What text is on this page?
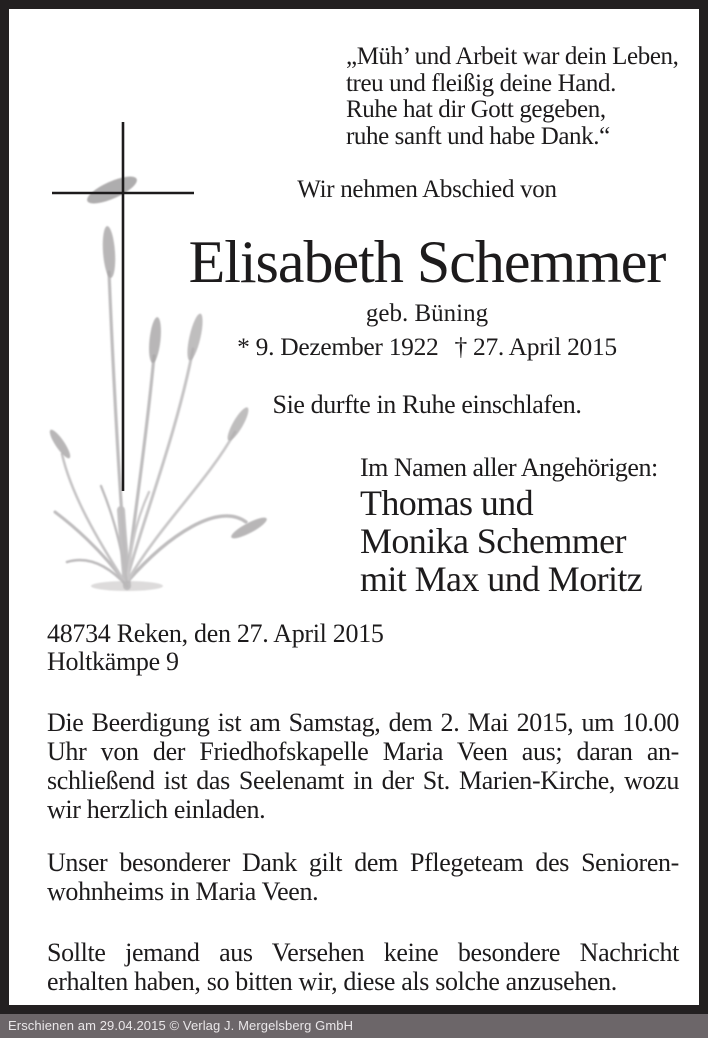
„Müh’ und Arbeit war dein Leben,
treu und fleißig deine Hand.
Ruhe hat dir Gott gegeben,
ruhe sanft und habe Dank.“
Wir nehmen Abschied von
Elisabeth Schemmer
geb. Büning
* 9. Dezember 1922 † 27. April 2015
Sie durfte in Ruhe einschlafen.
Im Namen aller Angehörigen:
Thomas und
Monika Schemmer
mit Max und Moritz
48734 Reken, den 27. April 2015
Holtkämpe 9
Die Beerdigung ist am Samstag, dem 2. Mai 2015, um 10.00
Uhr von der Friedhofskapelle Maria Veen aus; daran an-
schließend ist das Seelenamt in der St. Marien-Kirche, wozu
wir herzlich einladen.
Unser besonderer Dank gilt dem Pflegeteam des Senioren-
wohnheims in Maria Veen.
Sollte jemand aus Versehen keine besondere Nachricht
erhalten haben, so bitten wir, diese als solche anzusehen.
Erschienen am 29.04.2015 © Verlag J. Mergelsberg GmbH
